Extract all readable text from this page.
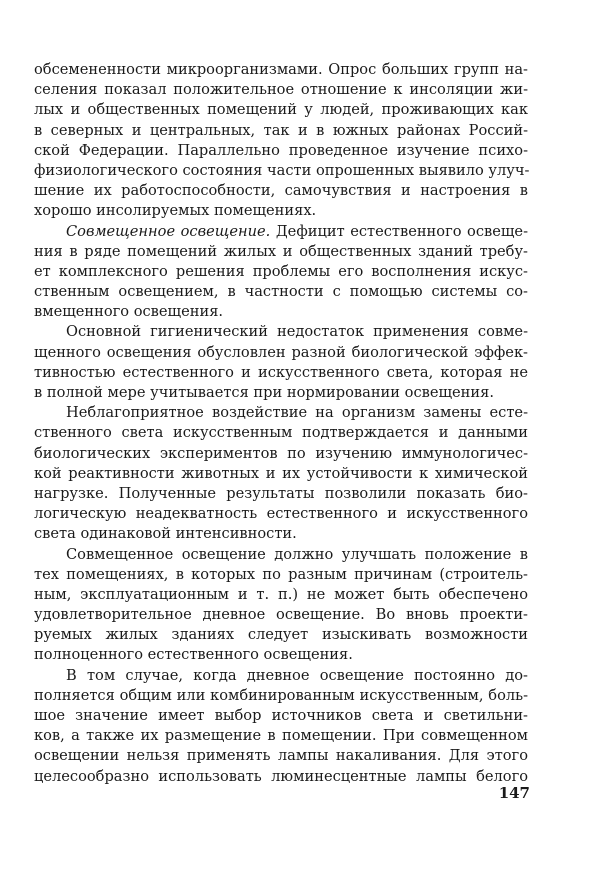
обсемененности микроорганизмами. Опрос больших групп на-
селения показал положительное отношение к инсоляции жи-
лых и общественных помещений у людей, проживающих как
в северных и центральных, так и в южных районах Россий-
ской Федерации. Параллельно проведенное изучение психо-
физиологического состояния части опрошенных выявило улуч-
шение их работоспособности, самочувствия и настроения в
хорошо инсолируемых помещениях.
Совмещенное освещение. Дефицит естественного освеще-
ния в ряде помещений жилых и общественных зданий требу-
ет комплексного решения проблемы его восполнения искус-
ственным освещением, в частности с помощью системы со-
вмещенного освещения.
Основной гигиенический недостаток применения совме-
щенного освещения обусловлен разной биологической эффек-
тивностью естественного и искусственного света, которая не
в полной мере учитывается при нормировании освещения.
Неблагоприятное воздействие на организм замены есте-
ственного света искусственным подтверждается и данными
биологических экспериментов по изучению иммунологичес-
кой реактивности животных и их устойчивости к химической
нагрузке. Полученные результаты позволили показать био-
логическую неадекватность естественного и искусственного
света одинаковой интенсивности.
Совмещенное освещение должно улучшать положение в
тех помещениях, в которых по разным причинам (строитель-
ным, эксплуатационным и т. п.) не может быть обеспечено
удовлетворительное дневное освещение. Во вновь проекти-
руемых жилых зданиях следует изыскивать возможности
полноценного естественного освещения.
В том случае, когда дневное освещение постоянно до-
полняется общим или комбинированным искусственным, боль-
шое значение имеет выбор источников света и светильни-
ков, а также их размещение в помещении. При совмещенном
освещении нельзя применять лампы накаливания. Для этого
целесообразно использовать люминесцентные лампы белого
147
